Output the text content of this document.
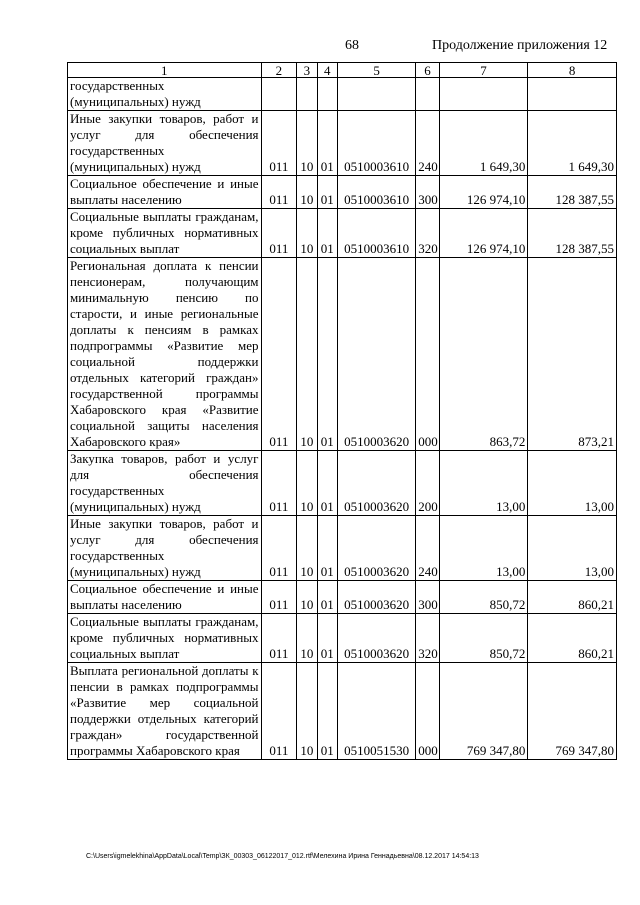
68	Продолжение приложения 12
1	2	3	4	5	6	7	8
государственных (муниципальных) нужд							
Иные закупки товаров, работ и услуг для обеспечения государственных (муниципальных) нужд	011	10	01	0510003610	240	1 649,30	1 649,30
Социальное обеспечение и иные выплаты населению	011	10	01	0510003610	300	126 974,10	128 387,55
Социальные выплаты гражданам, кроме публичных нормативных социальных выплат	011	10	01	0510003610	320	126 974,10	128 387,55
Региональная доплата к пенсии пенсионерам, получающим минимальную пенсию по старости, и иные региональные доплаты к пенсиям в рамках подпрограммы «Развитие мер социальной поддержки отдельных категорий граждан» государственной программы Хабаровского края «Развитие социальной защиты населения Хабаровского края»	011	10	01	0510003620	000	863,72	873,21
Закупка товаров, работ и услуг для обеспечения государственных (муниципальных) нужд	011	10	01	0510003620	200	13,00	13,00
Иные закупки товаров, работ и услуг для обеспечения государственных (муниципальных) нужд	011	10	01	0510003620	240	13,00	13,00
Социальное обеспечение и иные выплаты населению	011	10	01	0510003620	300	850,72	860,21
Социальные выплаты гражданам, кроме публичных нормативных социальных выплат	011	10	01	0510003620	320	850,72	860,21
Выплата региональной доплаты к пенсии в рамках подпрограммы «Развитие мер социальной поддержки отдельных категорий граждан» государственной программы Хабаровского края	011	10	01	0510051530	000	769 347,80	769 347,80
C:\Users\igmelekhina\AppData\Local\Temp\ЗК_00303_06122017_012.rtf\Мелехина Ирина Геннадьевна\08.12.2017 14:54:13
